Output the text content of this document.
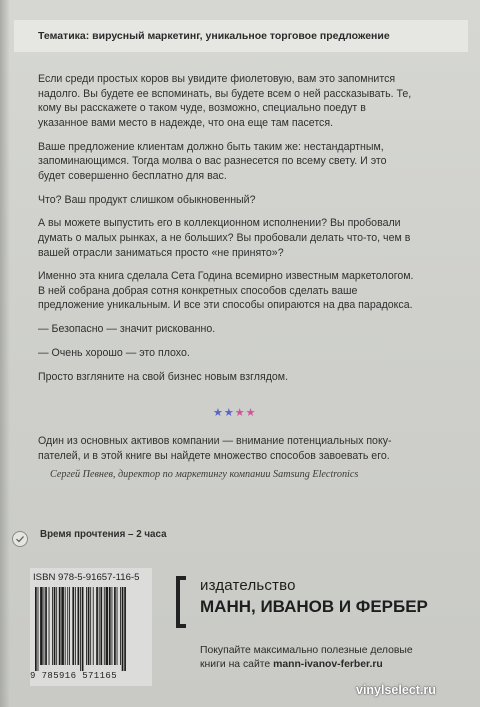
Тематика: вирусный маркетинг, уникальное торговое предложение

Если среди простых коров вы увидите фиолетовую, вам это запомнится надолго. Вы будете ее вспоминать, вы будете всем о ней рассказывать. Те, кому вы расскажете о таком чуде, возможно, специально поедут в указанное вами место в надежде, что она еще там пасется.

Ваше предложение клиентам должно быть таким же: нестандартным, запоминающимся. Тогда молва о вас разнесется по всему свету. И это будет совершенно бесплатно для вас.

Что? Ваш продукт слишком обыкновенный?

А вы можете выпустить его в коллекционном исполнении? Вы пробовали думать о малых рынках, а не больших? Вы пробовали делать что-то, чем в вашей отрасли заниматься просто «не принято»?

Именно эта книга сделала Сета Година всемирно известным маркетологом. В ней собрана добрая сотня конкретных способов сделать ваше предложение уникальным. И все эти способы опираются на два парадокса.

— Безопасно — значит рискованно.

— Очень хорошо — это плохо.

Просто взгляните на свой бизнес новым взглядом.

★★★★

Один из основных активов компании — внимание потенциальных покупателей, и в этой книге вы найдете множество способов завоевать его.

Сергей Певнев, директор по маркетингу компании Samsung Electronics

Время прочтения – 2 часа
ISBN 978-5-91657-116-5
9 785916 571165
издательство
МАНН, ИВАНОВ И ФЕРБЕР
Покупайте максимально полезные деловые книги на сайте mann-ivanov-ferber.ru
vinylselect.ru
